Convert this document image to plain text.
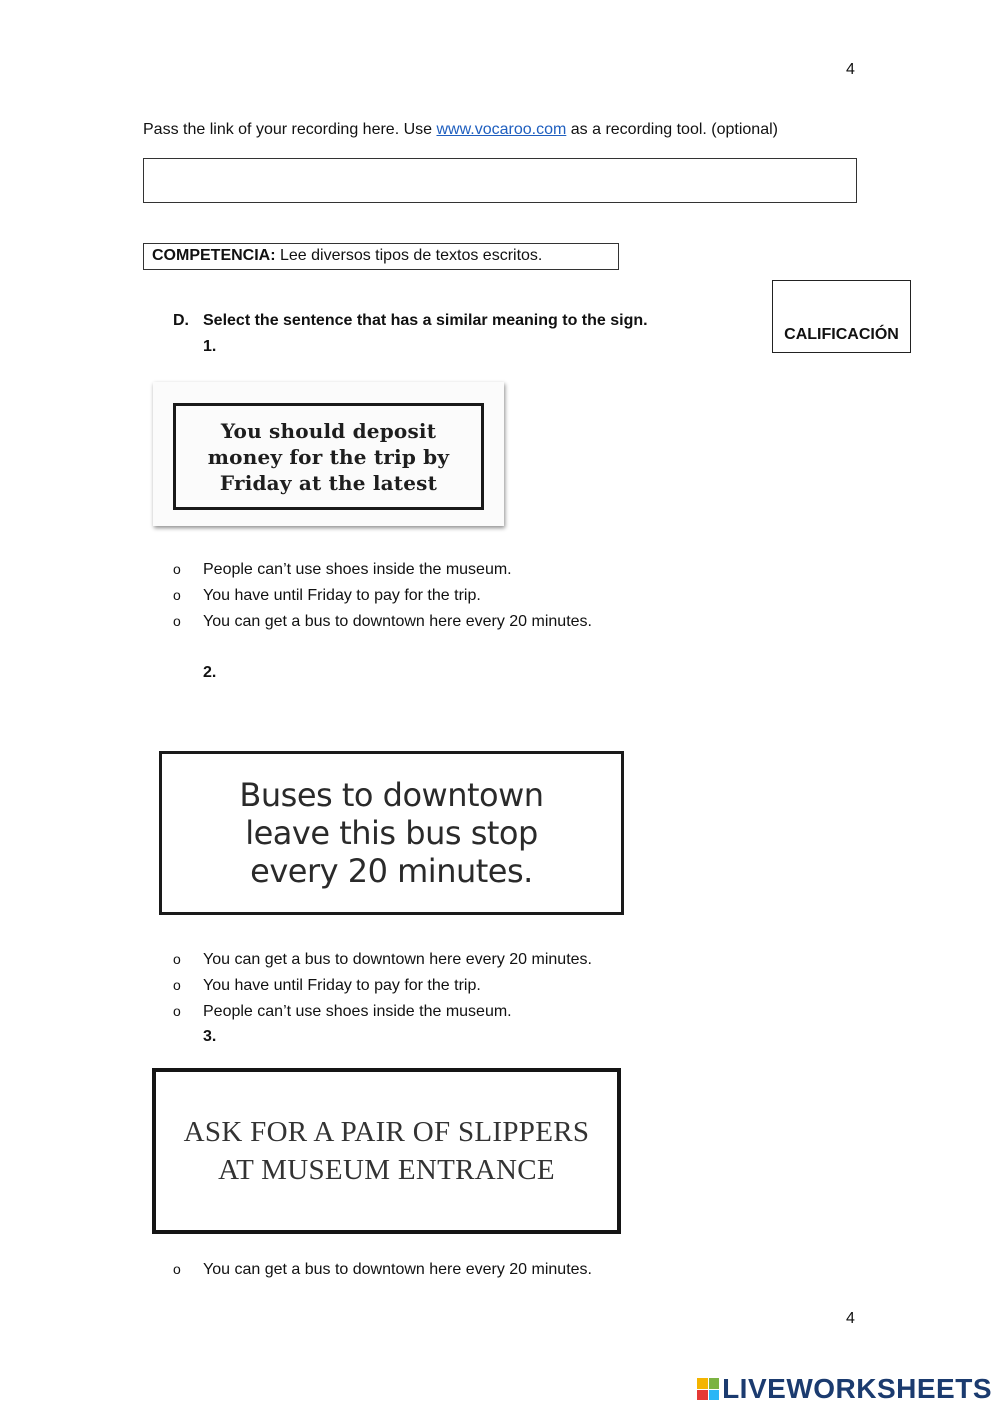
4
4
Pass the link of your recording here. Use www.vocaroo.com as a recording tool. (optional)
COMPETENCIA: Lee diversos tipos de textos escritos.
CALIFICACIÓN
D. Select the sentence that has a similar meaning to the sign.
1.
You should deposit
money for the trip by
Friday at the latest
o People can’t use shoes inside the museum.
o You have until Friday to pay for the trip.
o You can get a bus to downtown here every 20 minutes.
2.
Buses to downtown
leave this bus stop
every 20 minutes.
o You can get a bus to downtown here every 20 minutes.
o You have until Friday to pay for the trip.
o People can’t use shoes inside the museum.
3.
ASK FOR A PAIR OF SLIPPERS
AT MUSEUM ENTRANCE
o You can get a bus to downtown here every 20 minutes.
LIVEWORKSHEETS
